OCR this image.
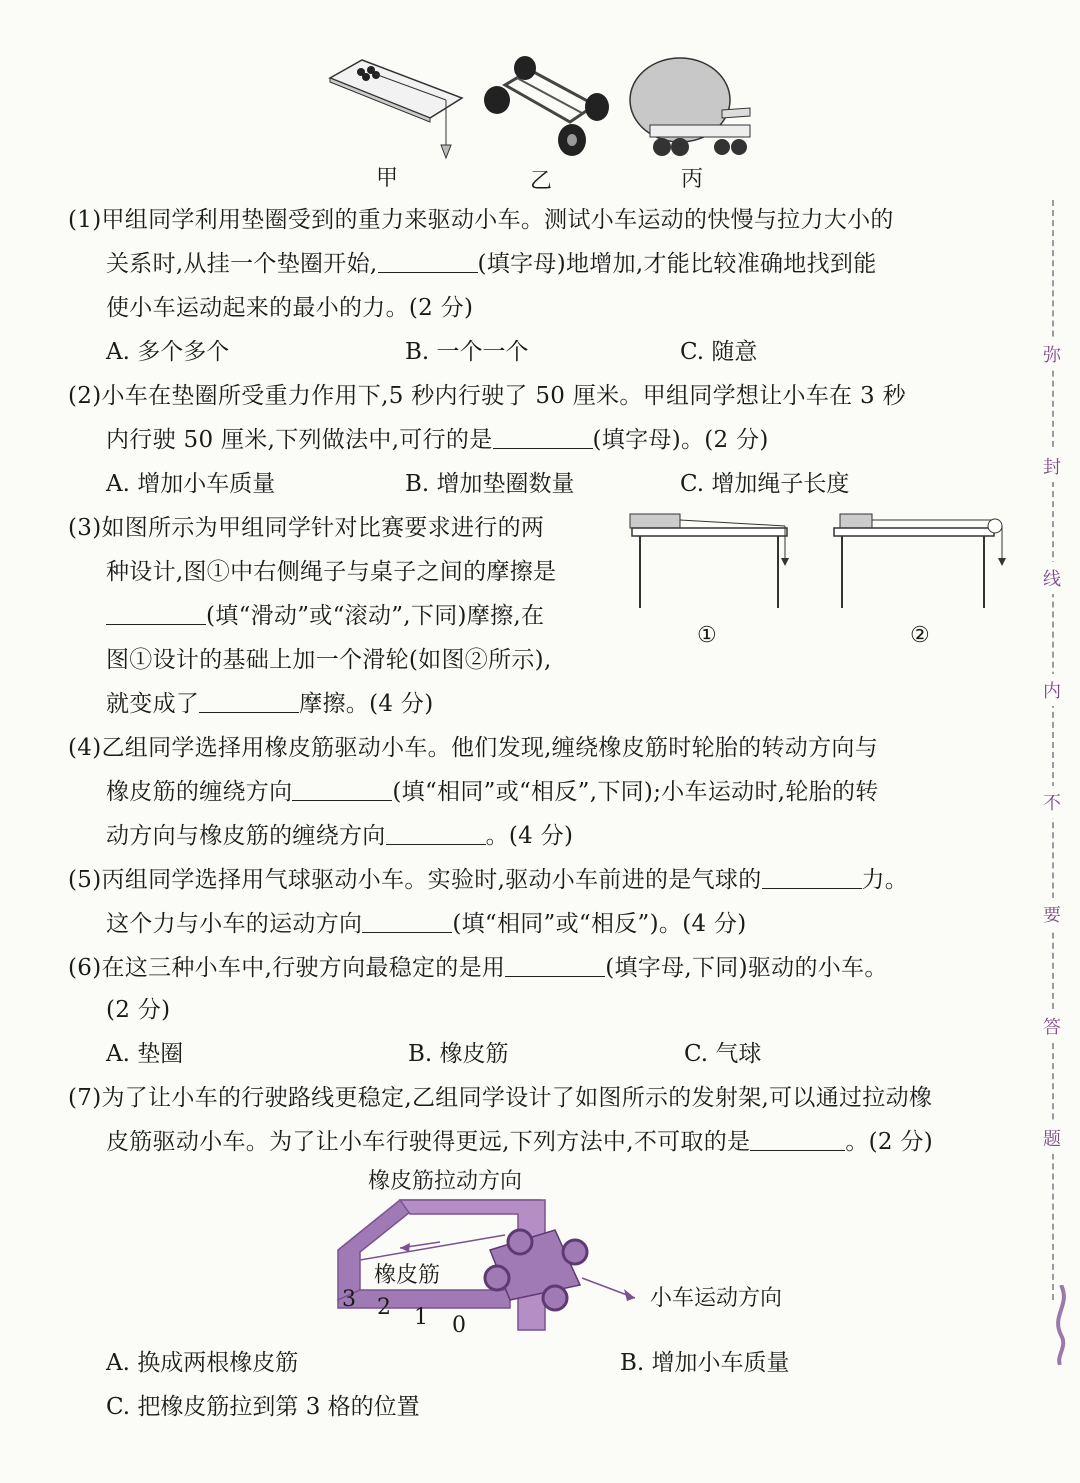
甲	乙	丙
(1)甲组同学利用垫圈受到的重力来驱动小车。测试小车运动的快慢与拉力大小的
关系时,从挂一个垫圈开始,	(填字母)地增加,才能比较准确地找到能
使小车运动起来的最小的力。(2 分)
A. 多个多个	B. 一个一个	C. 随意
(2)小车在垫圈所受重力作用下,5 秒内行驶了 50 厘米。甲组同学想让小车在 3 秒
内行驶 50 厘米,下列做法中,可行的是	(填字母)。(2 分)
A. 增加小车质量	B. 增加垫圈数量	C. 增加绳子长度
(3)如图所示为甲组同学针对比赛要求进行的两
种设计,图①中右侧绳子与桌子之间的摩擦是
(填“滑动”或“滚动”,下同)摩擦,在
图①设计的基础上加一个滑轮(如图②所示),
就变成了	摩擦。(4 分)
①	②
(4)乙组同学选择用橡皮筋驱动小车。他们发现,缠绕橡皮筋时轮胎的转动方向与
橡皮筋的缠绕方向	(填“相同”或“相反”,下同);小车运动时,轮胎的转
动方向与橡皮筋的缠绕方向	。(4 分)
(5)丙组同学选择用气球驱动小车。实验时,驱动小车前进的是气球的	力。
这个力与小车的运动方向	(填“相同”或“相反”)。(4 分)
(6)在这三种小车中,行驶方向最稳定的是用	(填字母,下同)驱动的小车。
(2 分)
A. 垫圈	B. 橡皮筋	C. 气球
(7)为了让小车的行驶路线更稳定,乙组同学设计了如图所示的发射架,可以通过拉动橡
皮筋驱动小车。为了让小车行驶得更远,下列方法中,不可取的是	。(2 分)
橡皮筋拉动方向
橡皮筋
小车运动方向
3 2 1 0
A. 换成两根橡皮筋	B. 增加小车质量
C. 把橡皮筋拉到第 3 格的位置
弥
封
线
内
不
要
答
题
